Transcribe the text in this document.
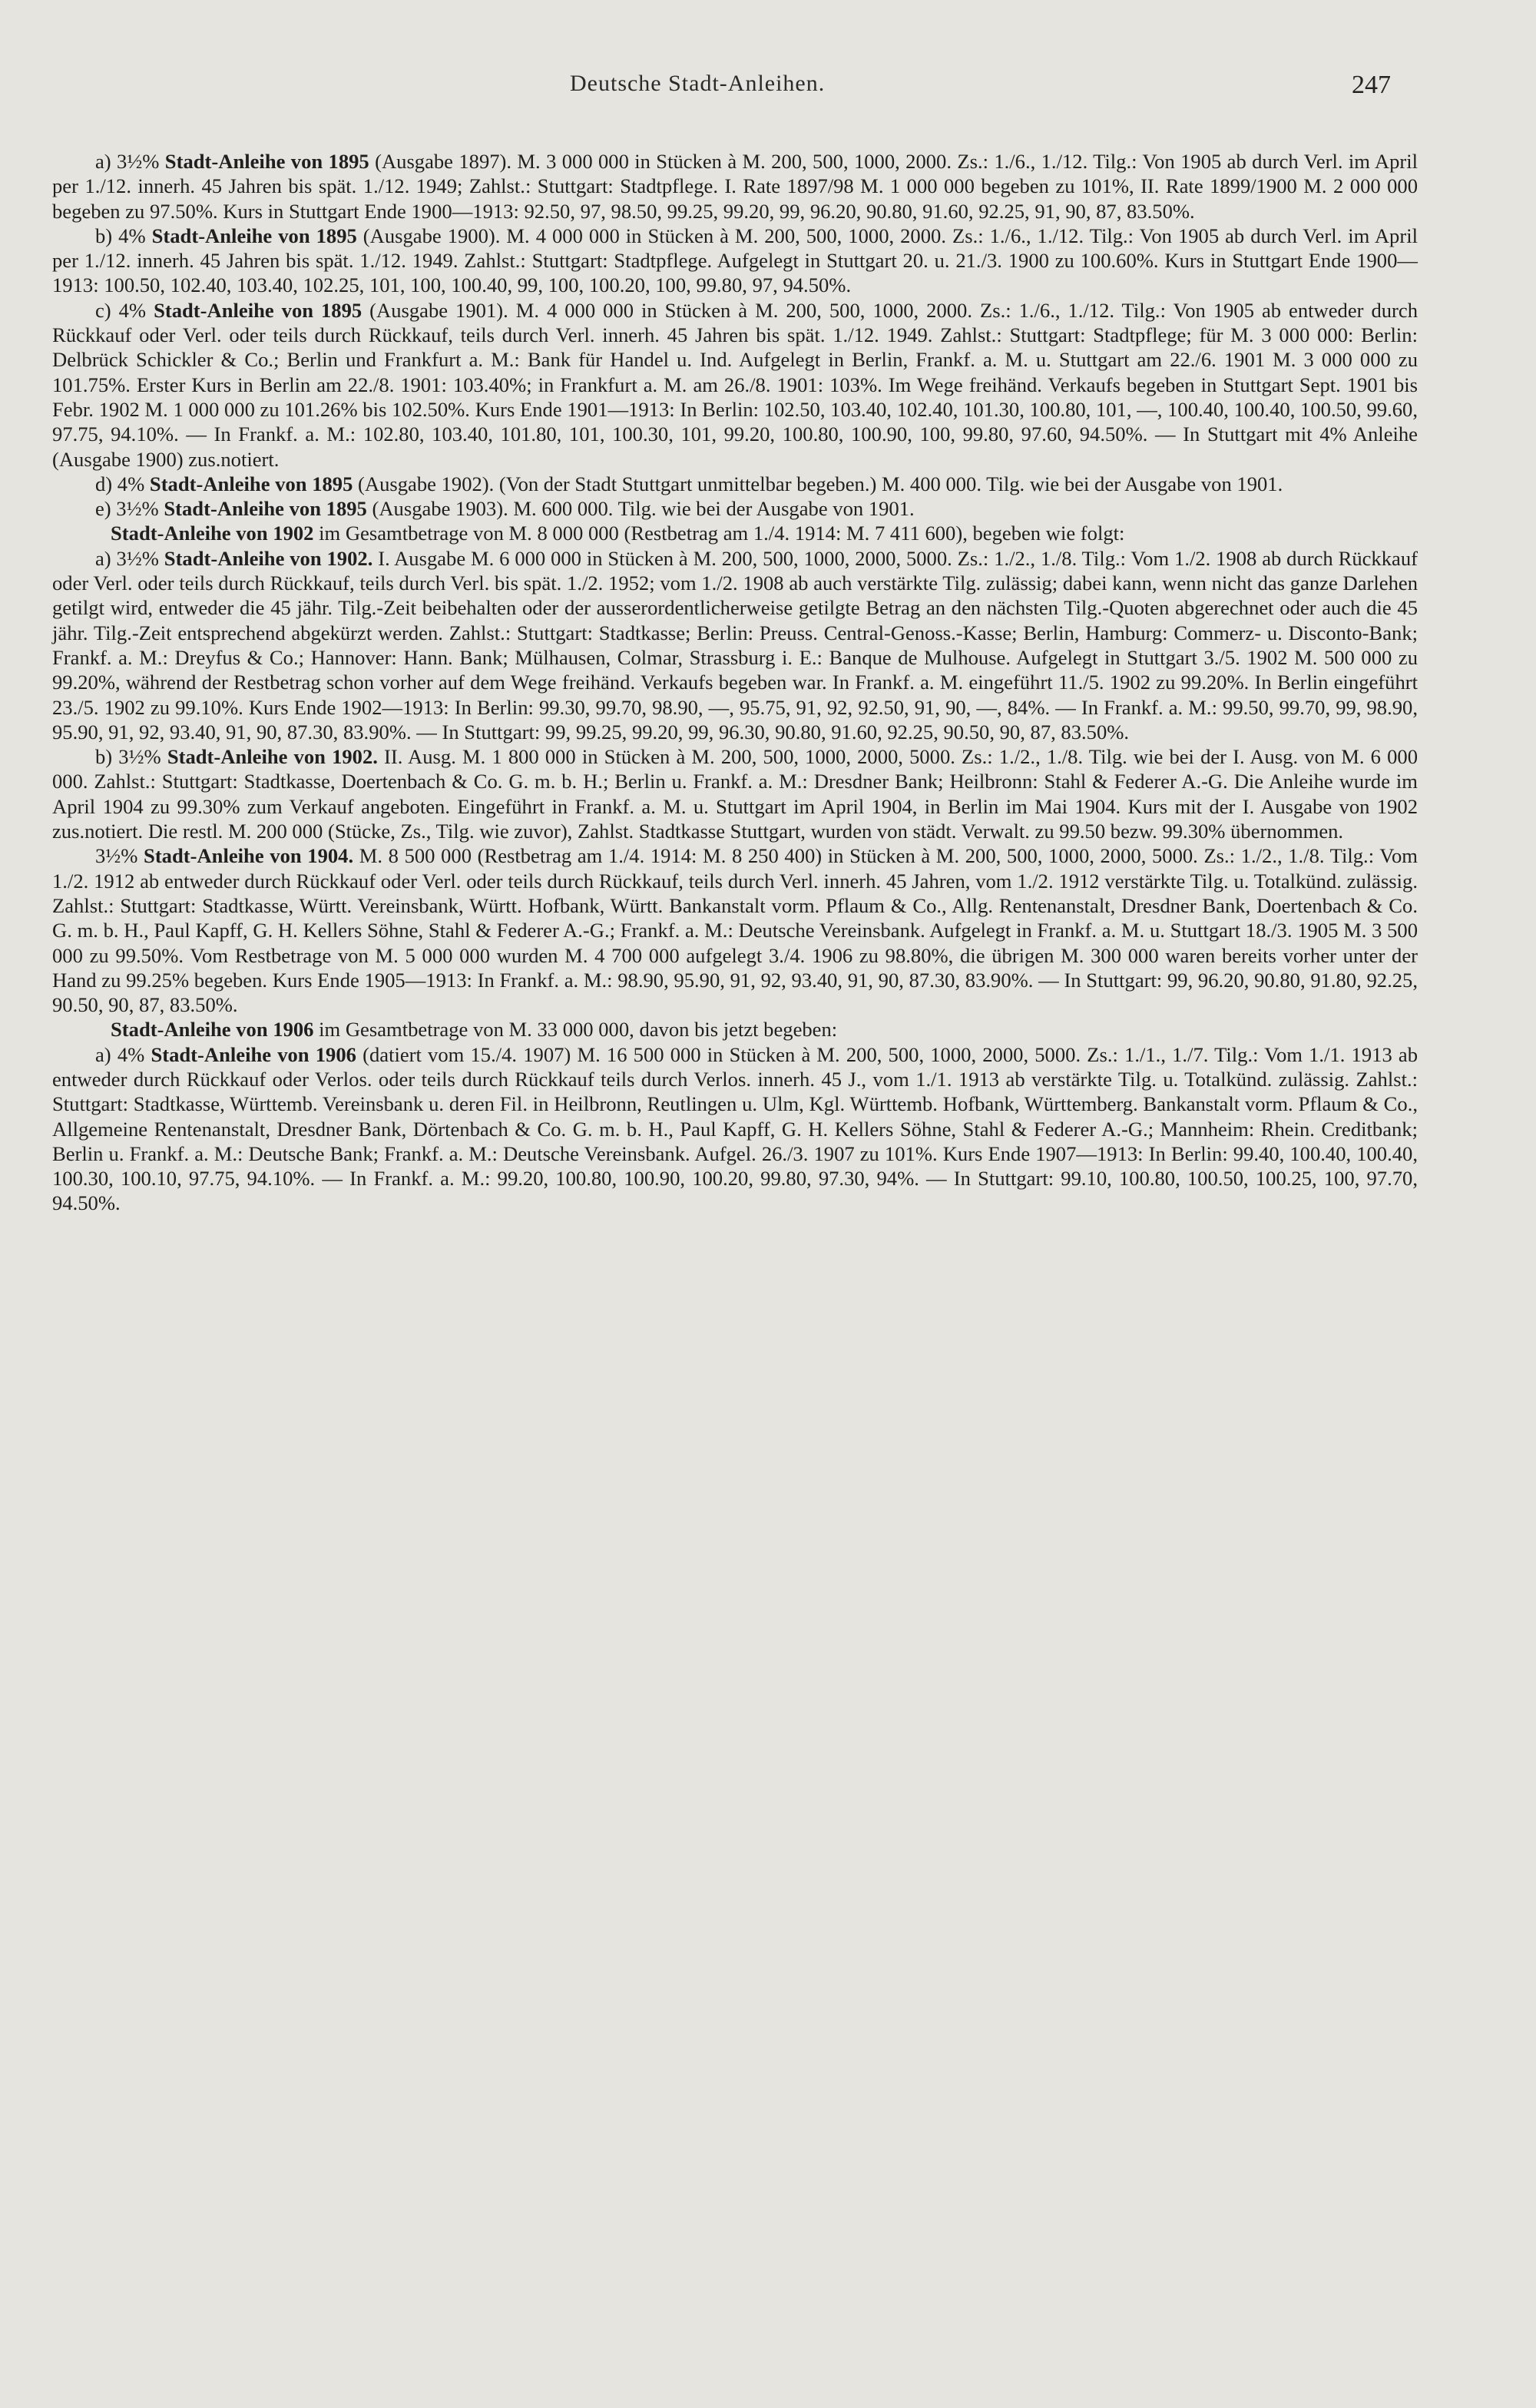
Deutsche Stadt-Anleihen.	247

a) 3½% Stadt-Anleihe von 1895 (Ausgabe 1897). M. 3 000 000 in Stücken à M. 200, 500, 1000, 2000. Zs.: 1./6., 1./12. Tilg.: Von 1905 ab durch Verl. im April per 1./12. innerh. 45 Jahren bis spät. 1./12. 1949; Zahlst.: Stuttgart: Stadtpflege. I. Rate 1897/98 M. 1 000 000 begeben zu 101%, II. Rate 1899/1900 M. 2 000 000 begeben zu 97.50%. Kurs in Stuttgart Ende 1900—1913: 92.50, 97, 98.50, 99.25, 99.20, 99, 96.20, 90.80, 91.60, 92.25, 91, 90, 87, 83.50%.

b) 4% Stadt-Anleihe von 1895 (Ausgabe 1900). M. 4 000 000 in Stücken à M. 200, 500, 1000, 2000. Zs.: 1./6., 1./12. Tilg.: Von 1905 ab durch Verl. im April per 1./12. innerh. 45 Jahren bis spät. 1./12. 1949. Zahlst.: Stuttgart: Stadtpflege. Aufgelegt in Stuttgart 20. u. 21./3. 1900 zu 100.60%. Kurs in Stuttgart Ende 1900—1913: 100.50, 102.40, 103.40, 102.25, 101, 100, 100.40, 99, 100, 100.20, 100, 99.80, 97, 94.50%.

c) 4% Stadt-Anleihe von 1895 (Ausgabe 1901). M. 4 000 000 in Stücken à M. 200, 500, 1000, 2000. Zs.: 1./6., 1./12. Tilg.: Von 1905 ab entweder durch Rückkauf oder Verl. oder teils durch Rückkauf, teils durch Verl. innerh. 45 Jahren bis spät. 1./12. 1949. Zahlst.: Stuttgart: Stadtpflege; für M. 3 000 000: Berlin: Delbrück Schickler & Co.; Berlin und Frankfurt a. M.: Bank für Handel u. Ind. Aufgelegt in Berlin, Frankf. a. M. u. Stuttgart am 22./6. 1901 M. 3 000 000 zu 101.75%. Erster Kurs in Berlin am 22./8. 1901: 103.40%; in Frankfurt a. M. am 26./8. 1901: 103%. Im Wege freihänd. Verkaufs begeben in Stuttgart Sept. 1901 bis Febr. 1902 M. 1 000 000 zu 101.26% bis 102.50%. Kurs Ende 1901—1913: In Berlin: 102.50, 103.40, 102.40, 101.30, 100.80, 101, —, 100.40, 100.40, 100.50, 99.60, 97.75, 94.10%. — In Frankf. a. M.: 102.80, 103.40, 101.80, 101, 100.30, 101, 99.20, 100.80, 100.90, 100, 99.80, 97.60, 94.50%. — In Stuttgart mit 4% Anleihe (Ausgabe 1900) zus.notiert.

d) 4% Stadt-Anleihe von 1895 (Ausgabe 1902). (Von der Stadt Stuttgart unmittelbar begeben.) M. 400 000. Tilg. wie bei der Ausgabe von 1901.

e) 3½% Stadt-Anleihe von 1895 (Ausgabe 1903). M. 600 000. Tilg. wie bei der Ausgabe von 1901.

Stadt-Anleihe von 1902 im Gesamtbetrage von M. 8 000 000 (Restbetrag am 1./4. 1914: M. 7 411 600), begeben wie folgt:

a) 3½% Stadt-Anleihe von 1902. I. Ausgabe M. 6 000 000 in Stücken à M. 200, 500, 1000, 2000, 5000. Zs.: 1./2., 1./8. Tilg.: Vom 1./2. 1908 ab durch Rückkauf oder Verl. oder teils durch Rückkauf, teils durch Verl. bis spät. 1./2. 1952; vom 1./2. 1908 ab auch verstärkte Tilg. zulässig; dabei kann, wenn nicht das ganze Darlehen getilgt wird, entweder die 45 jähr. Tilg.-Zeit beibehalten oder der ausserordentlicherweise getilgte Betrag an den nächsten Tilg.-Quoten abgerechnet oder auch die 45 jähr. Tilg.-Zeit entsprechend abgekürzt werden. Zahlst.: Stuttgart: Stadtkasse; Berlin: Preuss. Central-Genoss.-Kasse; Berlin, Hamburg: Commerz- u. Disconto-Bank; Frankf. a. M.: Dreyfus & Co.; Hannover: Hann. Bank; Mülhausen, Colmar, Strassburg i. E.: Banque de Mulhouse. Aufgelegt in Stuttgart 3./5. 1902 M. 500 000 zu 99.20%, während der Restbetrag schon vorher auf dem Wege freihänd. Verkaufs begeben war. In Frankf. a. M. eingeführt 11./5. 1902 zu 99.20%. In Berlin eingeführt 23./5. 1902 zu 99.10%. Kurs Ende 1902—1913: In Berlin: 99.30, 99.70, 98.90, —, 95.75, 91, 92, 92.50, 91, 90, —, 84%. — In Frankf. a. M.: 99.50, 99.70, 99, 98.90, 95.90, 91, 92, 93.40, 91, 90, 87.30, 83.90%. — In Stuttgart: 99, 99.25, 99.20, 99, 96.30, 90.80, 91.60, 92.25, 90.50, 90, 87, 83.50%.

b) 3½% Stadt-Anleihe von 1902. II. Ausg. M. 1 800 000 in Stücken à M. 200, 500, 1000, 2000, 5000. Zs.: 1./2., 1./8. Tilg. wie bei der I. Ausg. von M. 6 000 000. Zahlst.: Stuttgart: Stadtkasse, Doertenbach & Co. G. m. b. H.; Berlin u. Frankf. a. M.: Dresdner Bank; Heilbronn: Stahl & Federer A.-G. Die Anleihe wurde im April 1904 zu 99.30% zum Verkauf angeboten. Eingeführt in Frankf. a. M. u. Stuttgart im April 1904, in Berlin im Mai 1904. Kurs mit der I. Ausgabe von 1902 zus.notiert. Die restl. M. 200 000 (Stücke, Zs., Tilg. wie zuvor), Zahlst. Stadtkasse Stuttgart, wurden von städt. Verwalt. zu 99.50 bezw. 99.30% übernommen.

3½% Stadt-Anleihe von 1904. M. 8 500 000 (Restbetrag am 1./4. 1914: M. 8 250 400) in Stücken à M. 200, 500, 1000, 2000, 5000. Zs.: 1./2., 1./8. Tilg.: Vom 1./2. 1912 ab entweder durch Rückkauf oder Verl. oder teils durch Rückkauf, teils durch Verl. innerh. 45 Jahren, vom 1./2. 1912 verstärkte Tilg. u. Totalkünd. zulässig. Zahlst.: Stuttgart: Stadtkasse, Württ. Vereinsbank, Württ. Hofbank, Württ. Bankanstalt vorm. Pflaum & Co., Allg. Rentenanstalt, Dresdner Bank, Doertenbach & Co. G. m. b. H., Paul Kapff, G. H. Kellers Söhne, Stahl & Federer A.-G.; Frankf. a. M.: Deutsche Vereinsbank. Aufgelegt in Frankf. a. M. u. Stuttgart 18./3. 1905 M. 3 500 000 zu 99.50%. Vom Restbetrage von M. 5 000 000 wurden M. 4 700 000 aufgelegt 3./4. 1906 zu 98.80%, die übrigen M. 300 000 waren bereits vorher unter der Hand zu 99.25% begeben. Kurs Ende 1905—1913: In Frankf. a. M.: 98.90, 95.90, 91, 92, 93.40, 91, 90, 87.30, 83.90%. — In Stuttgart: 99, 96.20, 90.80, 91.80, 92.25, 90.50, 90, 87, 83.50%.

Stadt-Anleihe von 1906 im Gesamtbetrage von M. 33 000 000, davon bis jetzt begeben:

a) 4% Stadt-Anleihe von 1906 (datiert vom 15./4. 1907) M. 16 500 000 in Stücken à M. 200, 500, 1000, 2000, 5000. Zs.: 1./1., 1./7. Tilg.: Vom 1./1. 1913 ab entweder durch Rückkauf oder Verlos. oder teils durch Rückkauf teils durch Verlos. innerh. 45 J., vom 1./1. 1913 ab verstärkte Tilg. u. Totalkünd. zulässig. Zahlst.: Stuttgart: Stadtkasse, Württemb. Vereinsbank u. deren Fil. in Heilbronn, Reutlingen u. Ulm, Kgl. Württemb. Hofbank, Württemberg. Bankanstalt vorm. Pflaum & Co., Allgemeine Rentenanstalt, Dresdner Bank, Dörtenbach & Co. G. m. b. H., Paul Kapff, G. H. Kellers Söhne, Stahl & Federer A.-G.; Mannheim: Rhein. Creditbank; Berlin u. Frankf. a. M.: Deutsche Bank; Frankf. a. M.: Deutsche Vereinsbank. Aufgel. 26./3. 1907 zu 101%. Kurs Ende 1907—1913: In Berlin: 99.40, 100.40, 100.40, 100.30, 100.10, 97.75, 94.10%. — In Frankf. a. M.: 99.20, 100.80, 100.90, 100.20, 99.80, 97.30, 94%. — In Stuttgart: 99.10, 100.80, 100.50, 100.25, 100, 97.70, 94.50%.
